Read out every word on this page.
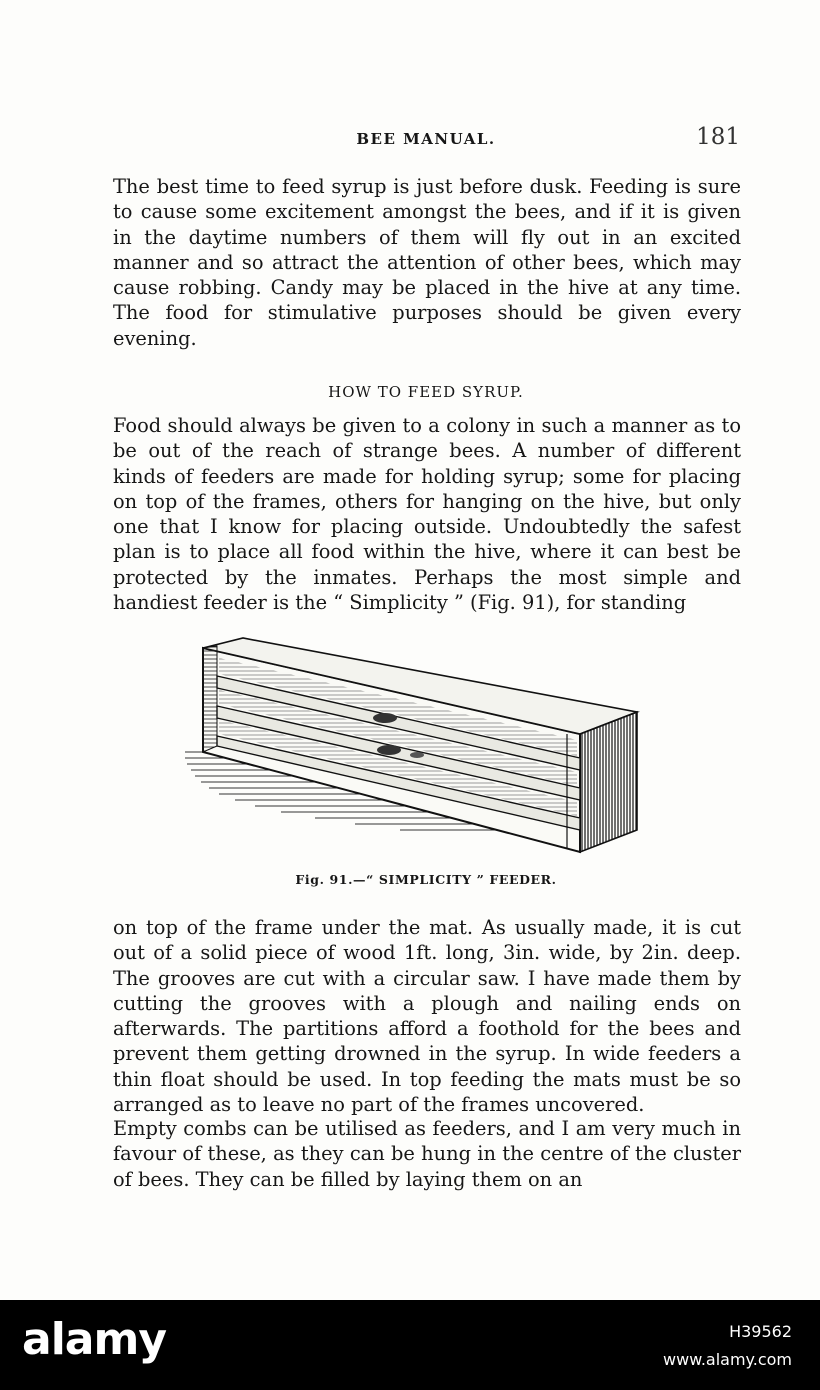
BEE MANUAL.	181

The best time to feed syrup is just before dusk. Feeding is sure to cause some excitement amongst the bees, and if it is given in the daytime numbers of them will fly out in an excited manner and so attract the attention of other bees, which may cause robbing. Candy may be placed in the hive at any time. The food for stimulative purposes should be given every evening.

HOW TO FEED SYRUP.

Food should always be given to a colony in such a manner as to be out of the reach of strange bees. A number of different kinds of feeders are made for holding syrup; some for placing on top of the frames, others for hanging on the hive, but only one that I know for placing outside. Undoubtedly the safest plan is to place all food within the hive, where it can best be protected by the inmates. Perhaps the most simple and handiest feeder is the “ Simplicity ” (Fig. 91), for standing

Fig. 91.—“ SIMPLICITY ” FEEDER.

on top of the frame under the mat. As usually made, it is cut out of a solid piece of wood 1ft. long, 3in. wide, by 2in. deep. The grooves are cut with a circular saw. I have made them by cutting the grooves with a plough and nailing ends on afterwards. The partitions afford a foothold for the bees and prevent them getting drowned in the syrup. In wide feeders a thin float should be used. In top feeding the mats must be so arranged as to leave no part of the frames uncovered.

Empty combs can be utilised as feeders, and I am very much in favour of these, as they can be hung in the centre of the cluster of bees. They can be filled by laying them on an

alamy	H39562
www.alamy.com
